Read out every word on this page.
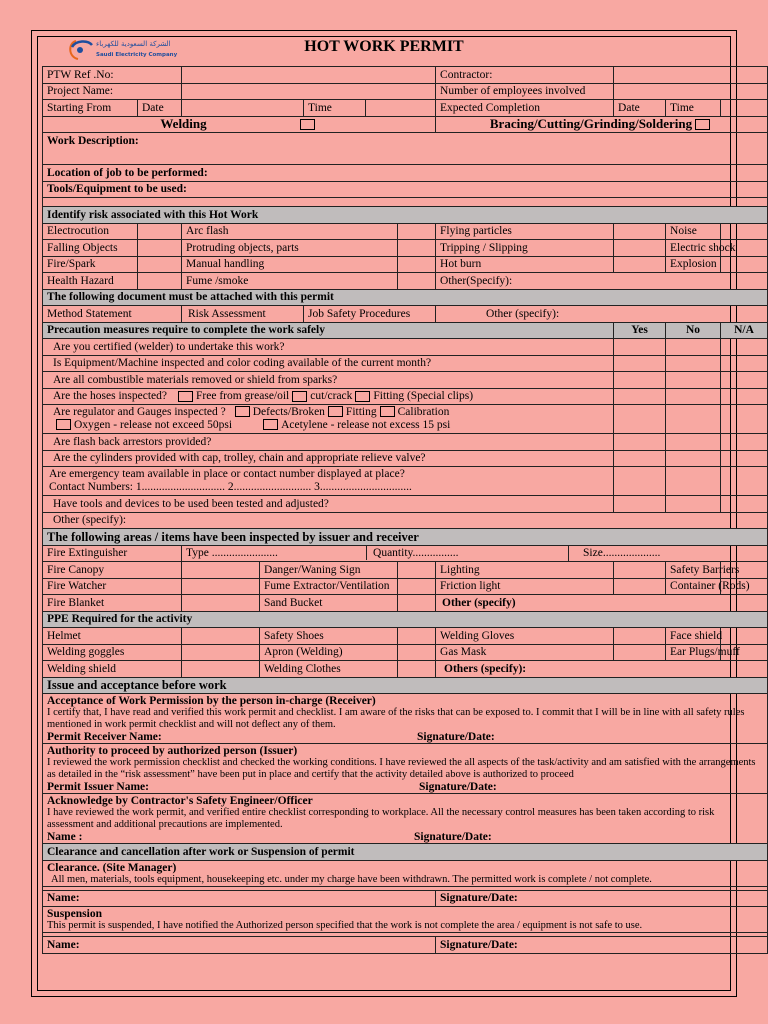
الشركة السعودية للكهرباء
Saudi Electricity Company	HOT WORK PERMIT
PTW Ref .No:							Contractor:				
Project Name:							Number of employees involved				
Starting From	Date			Time			Expected Completion		Date	Time	
Welding							Bracing/Cutting/Grinding/Soldering				
Work Description:											
Location of job to be performed:											
Tools/Equipment to be used:											

Identify risk associated with this Hot Work											
Electrocution		Arc flash					Flying particles			Noise	
Falling Objects		Protruding objects, parts					Tripping / Slipping			Electric shock	
Fire/Spark		Manual handling					Hot burn			Explosion	
Health Hazard		Fume /smoke					Other(Specify):				
The following document must be attached with this permit											
Method Statement		Risk Assessment		Job Safety Procedures			Other (specify):				
Precaution measures require to complete the work safely									Yes	No	N/A
Are you certified (welder) to undertake this work?											
Is Equipment/Machine inspected and color coding available of the current month?											
Are all combustible materials removed or shield from sparks?											
Are the hoses inspected? Free from grease/oil cut/crack Fitting (Special clips)											
Are regulator and Gauges inspected ? Defects/Broken Fitting Calibration
Oxygen - release not exceed 50psi Acetylene - release not excess 15 psi											
Are flash back arrestors provided?											
Are the cylinders provided with cap, trolley, chain and appropriate relieve valve?											
Are emergency team available in place or contact number displayed at place?
Contact Numbers: 1............................. 2........................... 3................................											
Have tools and devices to be used been tested and adjusted?											
Other (specify):											
The following areas / items have been inspected by issuer and receiver											
Fire Extinguisher		Type ....................... Quantity................						Size....................			
Fire Canopy			Danger/Waning Sign				Lighting			Safety Barriers	
Fire Watcher			Fume Extractor/Ventilation				Friction light			Container (Rods)	
Fire Blanket			Sand Bucket				Other (specify)				
PPE Required for the activity											
Helmet			Safety Shoes				Welding Gloves			Face shield	
Welding goggles			Apron (Welding)				Gas Mask			Ear Plugs/muff	
Welding shield			Welding Clothes				Others (specify):				
Issue and acceptance before work											
Acceptance of Work Permission by the person in-charge (Receiver)
I certify that, I have read and verified this work permit and checklist. I am aware of the risks that can be exposed to. I commit that I will be in line with all safety rules mentioned in work permit checklist and will not deflect any of them.
Permit Receiver Name: Signature/Date:											
Authority to proceed by authorized person (Issuer)
I reviewed the work permission checklist and checked the working conditions. I have reviewed the all aspects of the task/activity and am satisfied with the arrangements as detailed in the “risk assessment” have been put in place and certify that the activity detailed above is authorized to proceed
Permit Issuer Name: Signature/Date:											
Acknowledge by Contractor's Safety Engineer/Officer
I have reviewed the work permit, and verified entire checklist corresponding to workplace. All the necessary control measures has been taken according to risk assessment and additional precautions are implemented.
Name : Signature/Date:											
Clearance and cancellation after work or Suspension of permit											
Clearance. (Site Manager)
All men, materials, tools equipment, housekeeping etc. under my charge have been withdrawn. The permitted work is complete / not complete.											

Name:							Signature/Date:				
Suspension
This permit is suspended, I have notified the Authorized person specified that the work is not complete the area / equipment is not safe to use.											

Name:							Signature/Date:				
